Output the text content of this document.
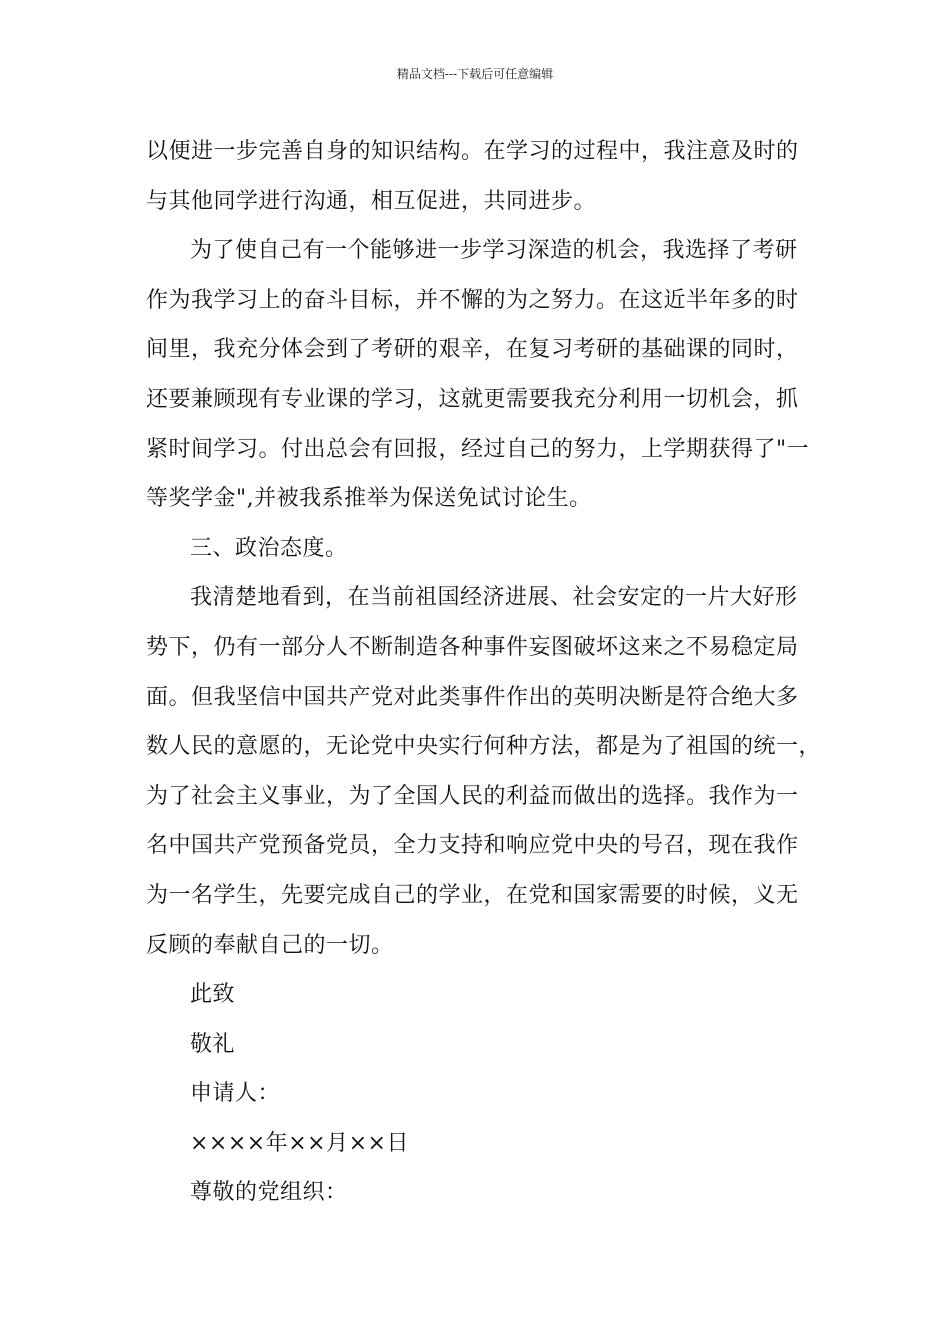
精品文档---下载后可任意编辑
以便进一步完善自身的知识结构。在学习的过程中，我注意及时的
与其他同学进行沟通，相互促进，共同进步。
为了使自己有一个能够进一步学习深造的机会，我选择了考研
作为我学习上的奋斗目标，并不懈的为之努力。在这近半年多的时
间里，我充分体会到了考研的艰辛，在复习考研的基础课的同时，
还要兼顾现有专业课的学习，这就更需要我充分利用一切机会，抓
紧时间学习。付出总会有回报，经过自己的努力，上学期获得了"一
等奖学金",并被我系推举为保送免试讨论生。
三、政治态度。
我清楚地看到，在当前祖国经济进展、社会安定的一片大好形
势下，仍有一部分人不断制造各种事件妄图破坏这来之不易稳定局
面。但我坚信中国共产党对此类事件作出的英明决断是符合绝大多
数人民的意愿的，无论党中央实行何种方法，都是为了祖国的统一，
为了社会主义事业，为了全国人民的利益而做出的选择。我作为一
名中国共产党预备党员，全力支持和响应党中央的号召，现在我作
为一名学生，先要完成自己的学业，在党和国家需要的时候，义无
反顾的奉献自己的一切。
此致
敬礼
申请人：
××××年××月××日
尊敬的党组织：
